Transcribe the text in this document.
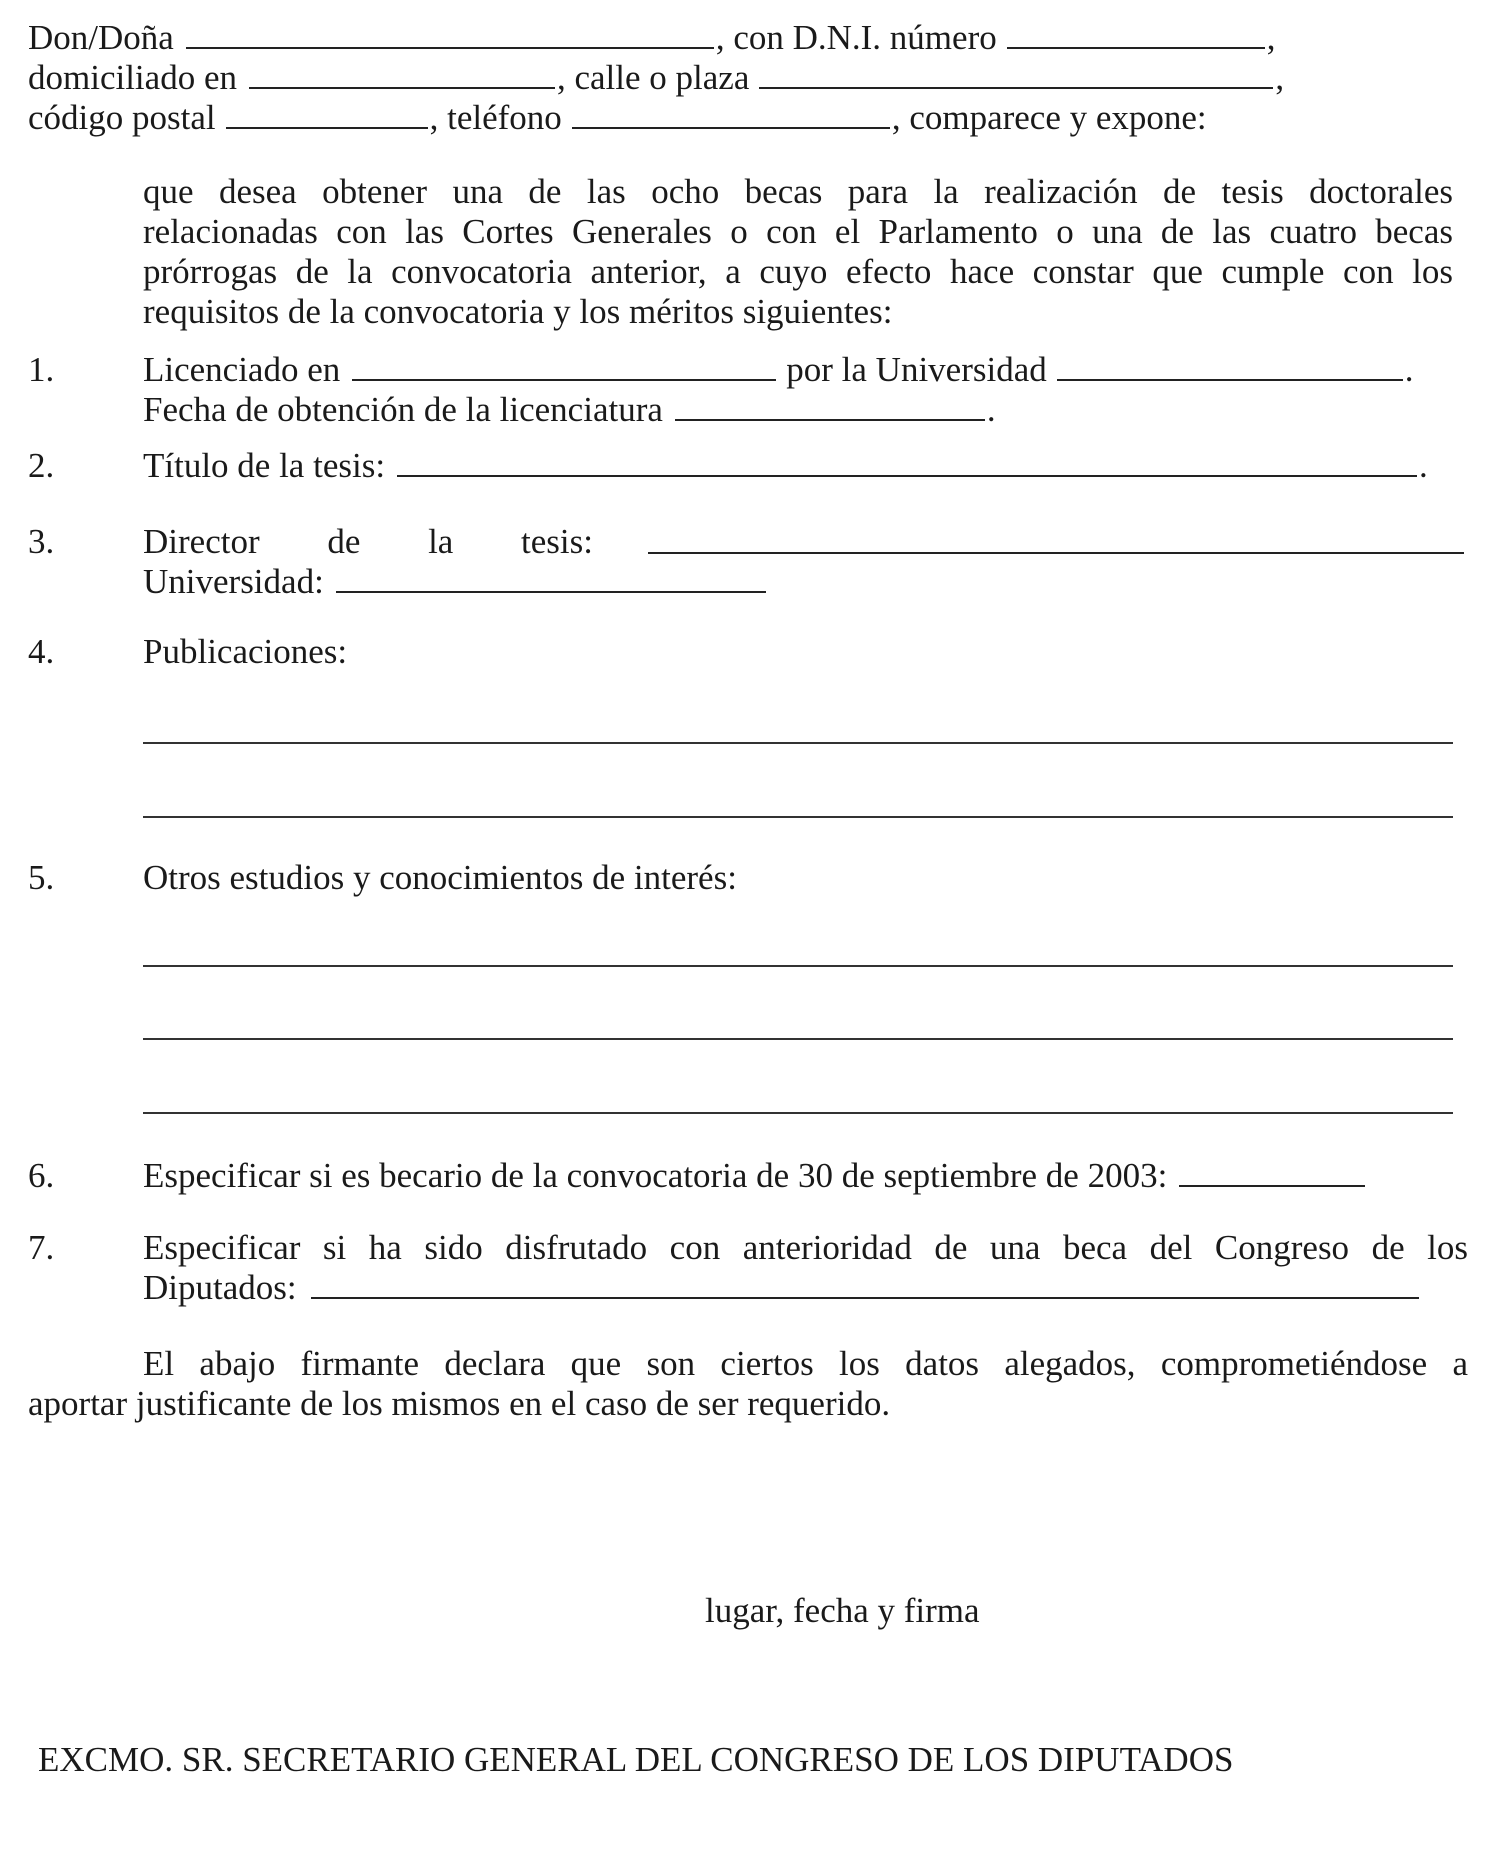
Don/Doña	, con D.N.I. número	,
domiciliado en	, calle o plaza	,
código postal	, teléfono	, comparece y expone:
que desea obtener una de las ocho becas para la realización de tesis doctorales
relacionadas con las Cortes Generales o con el Parlamento o una de las cuatro becas
prórrogas de la convocatoria anterior, a cuyo efecto hace constar que cumple con los
requisitos de la convocatoria y los méritos siguientes:
1.	Licenciado en	por la Universidad	.
Fecha de obtención de la licenciatura	.
2.	Título de la tesis:	.
3.	Director de la tesis:
Universidad:
4.	Publicaciones:
5.	Otros estudios y conocimientos de interés:
6.	Especificar si es becario de la convocatoria de 30 de septiembre de 2003:
7.	Especificar si ha sido disfrutado con anterioridad de una beca del Congreso de los
Diputados:
El abajo firmante declara que son ciertos los datos alegados, comprometiéndose a
aportar justificante de los mismos en el caso de ser requerido.
lugar, fecha y firma
EXCMO. SR. SECRETARIO GENERAL DEL CONGRESO DE LOS DIPUTADOS
